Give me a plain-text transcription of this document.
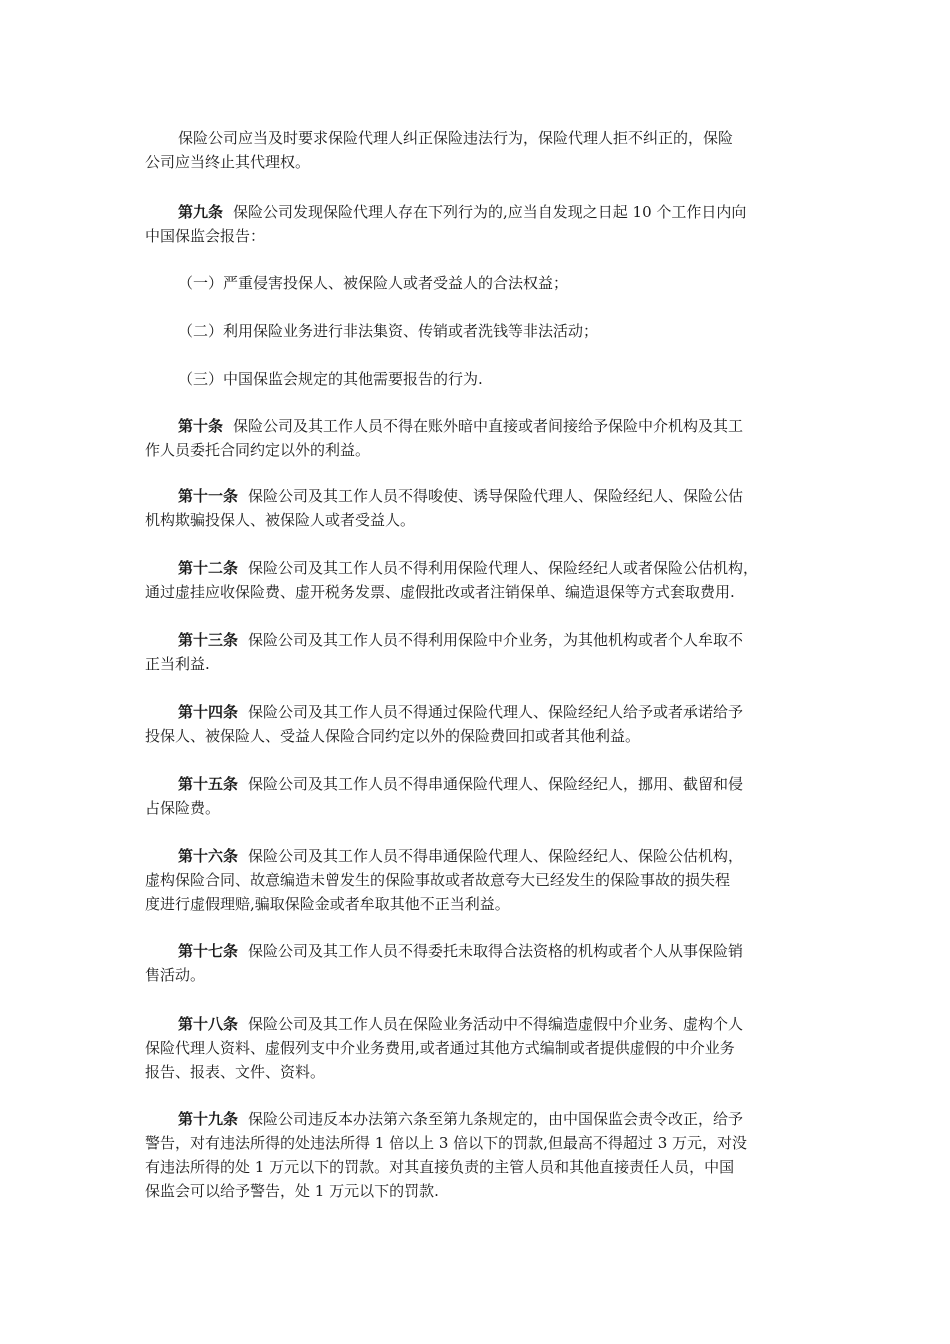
保险公司应当及时要求保险代理人纠正保险违法行为，保险代理人拒不纠正的，保险
公司应当终止其代理权。
第九条 保险公司发现保险代理人存在下列行为的,应当自发现之日起 10 个工作日内向
中国保监会报告：

（一）严重侵害投保人、被保险人或者受益人的合法权益；

（二）利用保险业务进行非法集资、传销或者洗钱等非法活动；

（三）中国保监会规定的其他需要报告的行为.

第十条 保险公司及其工作人员不得在账外暗中直接或者间接给予保险中介机构及其工
作人员委托合同约定以外的利益。
第十一条 保险公司及其工作人员不得唆使、诱导保险代理人、保险经纪人、保险公估
机构欺骗投保人、被保险人或者受益人。
第十二条 保险公司及其工作人员不得利用保险代理人、保险经纪人或者保险公估机构，
通过虚挂应收保险费、虚开税务发票、虚假批改或者注销保单、编造退保等方式套取费用.
第十三条 保险公司及其工作人员不得利用保险中介业务，为其他机构或者个人牟取不
正当利益.
第十四条 保险公司及其工作人员不得通过保险代理人、保险经纪人给予或者承诺给予
投保人、被保险人、受益人保险合同约定以外的保险费回扣或者其他利益。
第十五条 保险公司及其工作人员不得串通保险代理人、保险经纪人，挪用、截留和侵
占保险费。
第十六条 保险公司及其工作人员不得串通保险代理人、保险经纪人、保险公估机构，
虚构保险合同、故意编造未曾发生的保险事故或者故意夸大已经发生的保险事故的损失程
度进行虚假理赔,骗取保险金或者牟取其他不正当利益。
第十七条 保险公司及其工作人员不得委托未取得合法资格的机构或者个人从事保险销
售活动。
第十八条 保险公司及其工作人员在保险业务活动中不得编造虚假中介业务、虚构个人
保险代理人资料、虚假列支中介业务费用,或者通过其他方式编制或者提供虚假的中介业务
报告、报表、文件、资料。
第十九条 保险公司违反本办法第六条至第九条规定的，由中国保监会责令改正，给予
警告，对有违法所得的处违法所得 1 倍以上 3 倍以下的罚款,但最高不得超过 3 万元，对没
有违法所得的处 1 万元以下的罚款。对其直接负责的主管人员和其他直接责任人员，中国
保监会可以给予警告，处 1 万元以下的罚款.
